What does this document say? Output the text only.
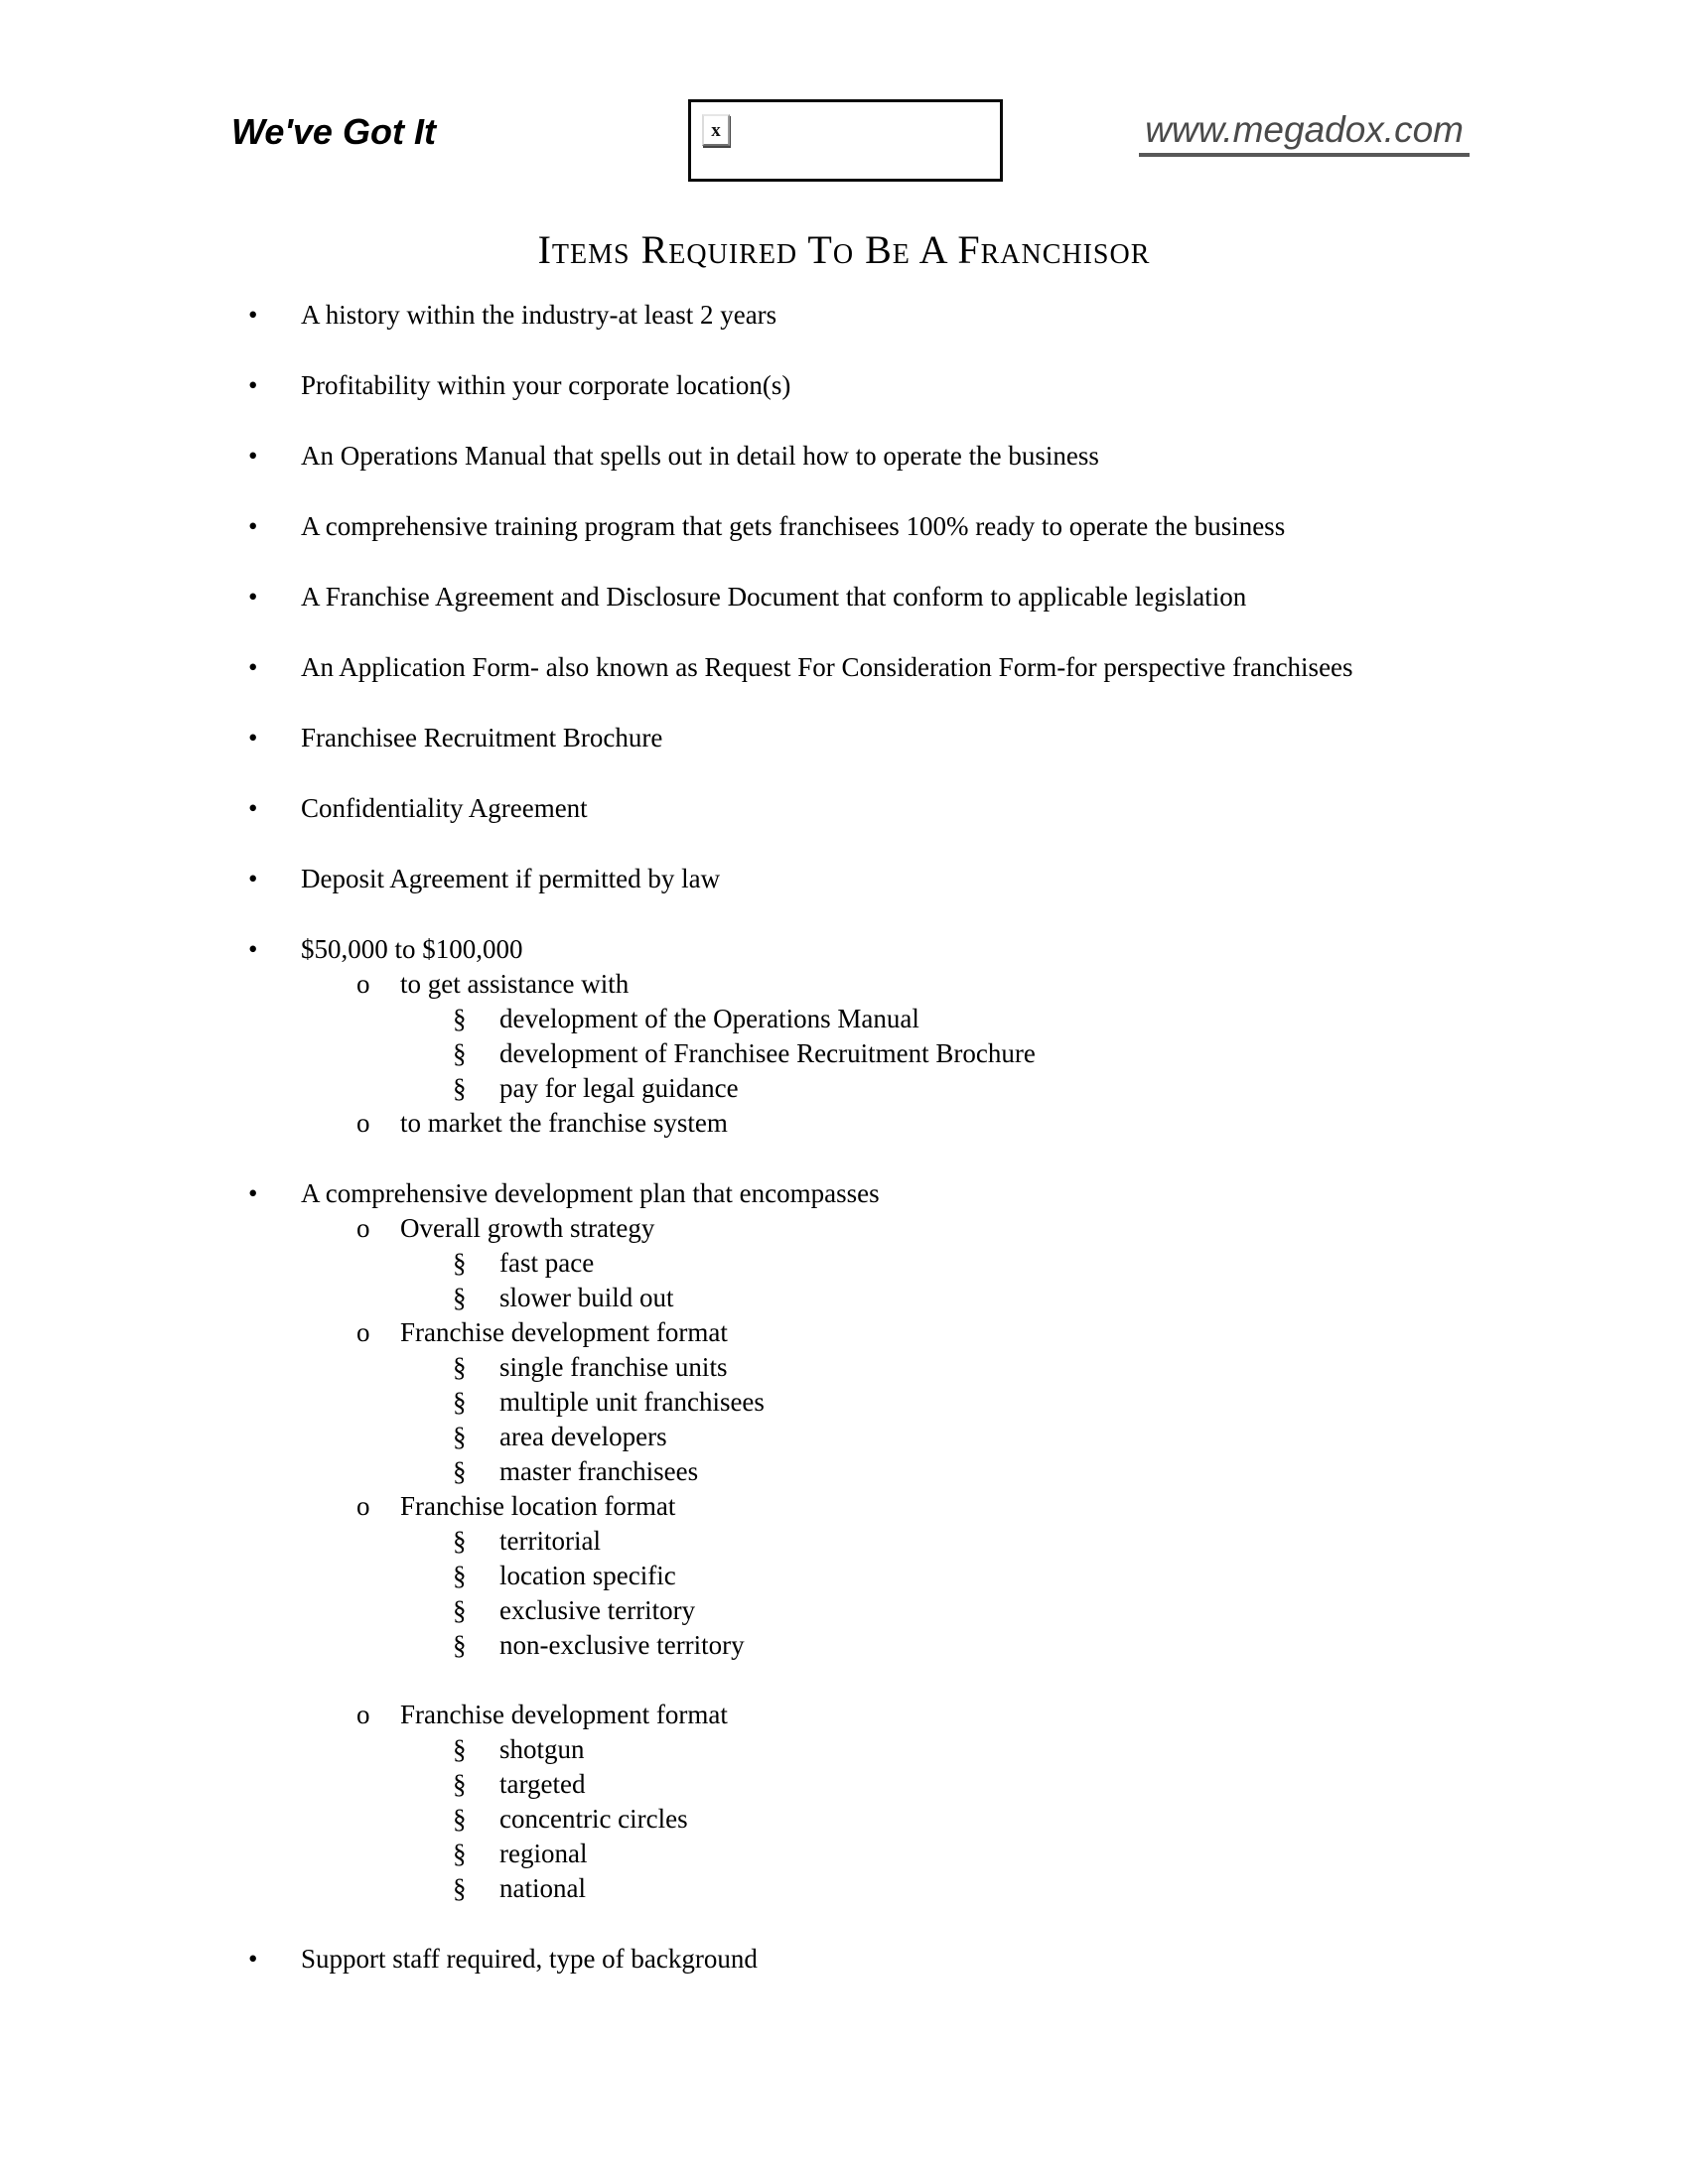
We've Got It	x	www.megadox.com
Items Required To Be A Franchisor
•	A history within the industry-at least 2 years
•	Profitability within your corporate location(s)
•	An Operations Manual that spells out in detail how to operate the business
•	A comprehensive training program that gets franchisees 100% ready to operate the business
•	A Franchise Agreement and Disclosure Document that conform to applicable legislation
•	An Application Form- also known as Request For Consideration Form-for perspective franchisees
•	Franchisee Recruitment Brochure
•	Confidentiality Agreement
•	Deposit Agreement if permitted by law
•	$50,000 to $100,000
o	to get assistance with
§	development of the Operations Manual
§	development of Franchisee Recruitment Brochure
§	pay for legal guidance
o	to market the franchise system
•	A comprehensive development plan that encompasses
o	Overall growth strategy
§	fast pace
§	slower build out
o	Franchise development format
§	single franchise units
§	multiple unit franchisees
§	area developers
§	master franchisees
o	Franchise location format
§	territorial
§	location specific
§	exclusive territory
§	non-exclusive territory
o	Franchise development format
§	shotgun
§	targeted
§	concentric circles
§	regional
§	national
•	Support staff required, type of background
